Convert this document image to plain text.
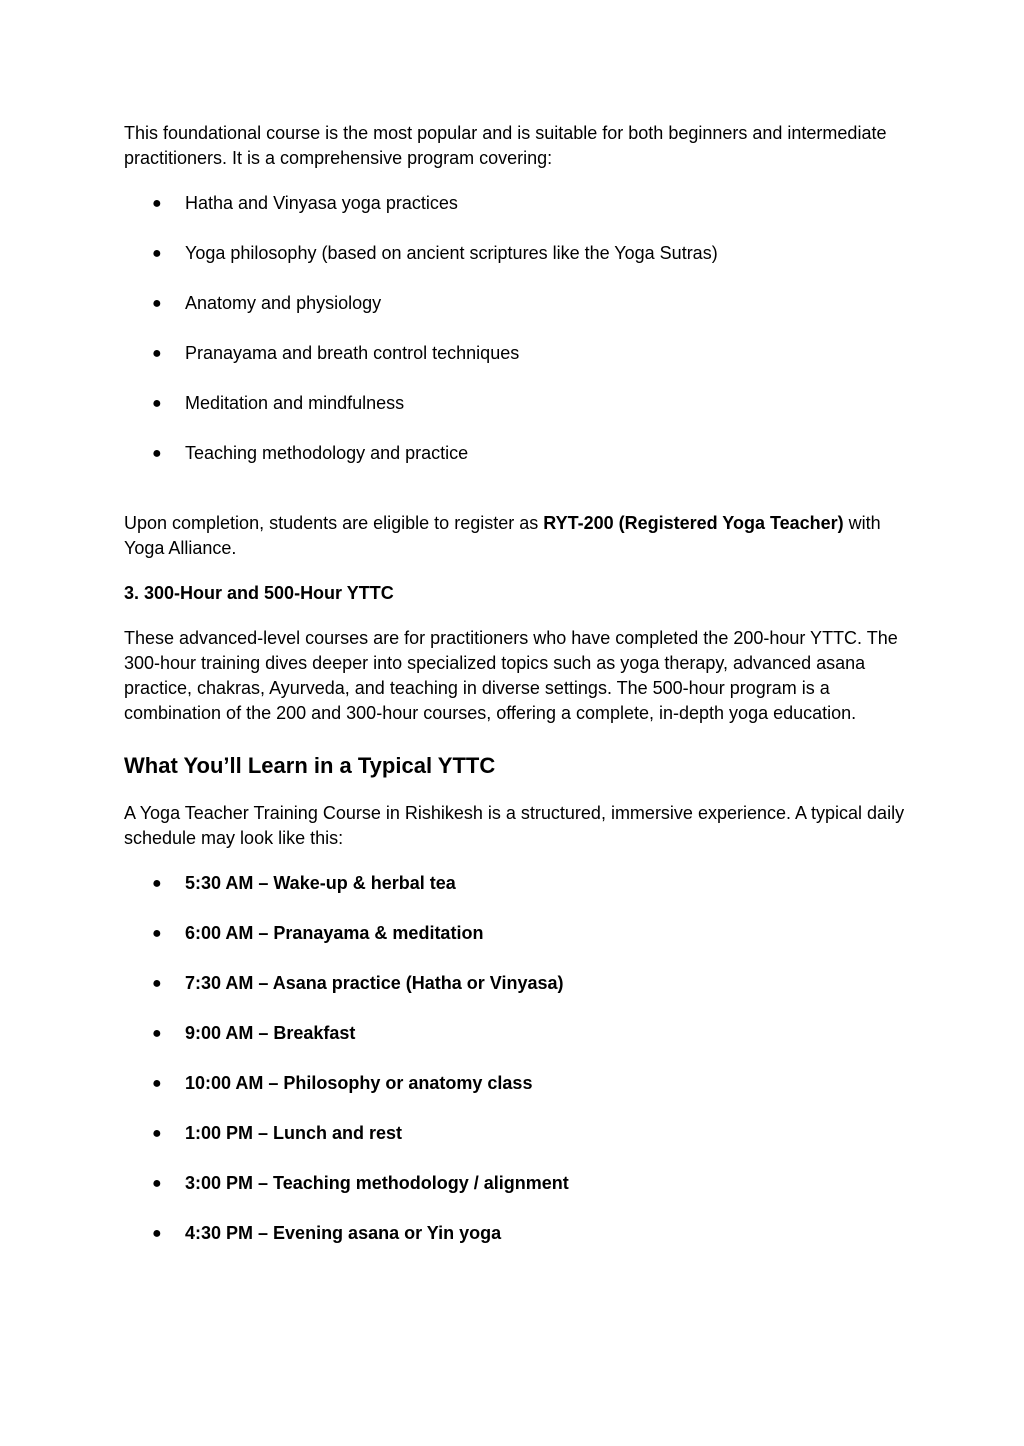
This foundational course is the most popular and is suitable for both beginners and intermediate practitioners. It is a comprehensive program covering:

● Hatha and Vinyasa yoga practices
● Yoga philosophy (based on ancient scriptures like the Yoga Sutras)
● Anatomy and physiology
● Pranayama and breath control techniques
● Meditation and mindfulness
● Teaching methodology and practice

Upon completion, students are eligible to register as RYT-200 (Registered Yoga Teacher) with Yoga Alliance.

3. 300-Hour and 500-Hour YTTC

These advanced-level courses are for practitioners who have completed the 200-hour YTTC. The 300-hour training dives deeper into specialized topics such as yoga therapy, advanced asana practice, chakras, Ayurveda, and teaching in diverse settings. The 500-hour program is a combination of the 200 and 300-hour courses, offering a complete, in-depth yoga education.

What You’ll Learn in a Typical YTTC

A Yoga Teacher Training Course in Rishikesh is a structured, immersive experience. A typical daily schedule may look like this:

● 5:30 AM – Wake-up & herbal tea
● 6:00 AM – Pranayama & meditation
● 7:30 AM – Asana practice (Hatha or Vinyasa)
● 9:00 AM – Breakfast
● 10:00 AM – Philosophy or anatomy class
● 1:00 PM – Lunch and rest
● 3:00 PM – Teaching methodology / alignment
● 4:30 PM – Evening asana or Yin yoga
